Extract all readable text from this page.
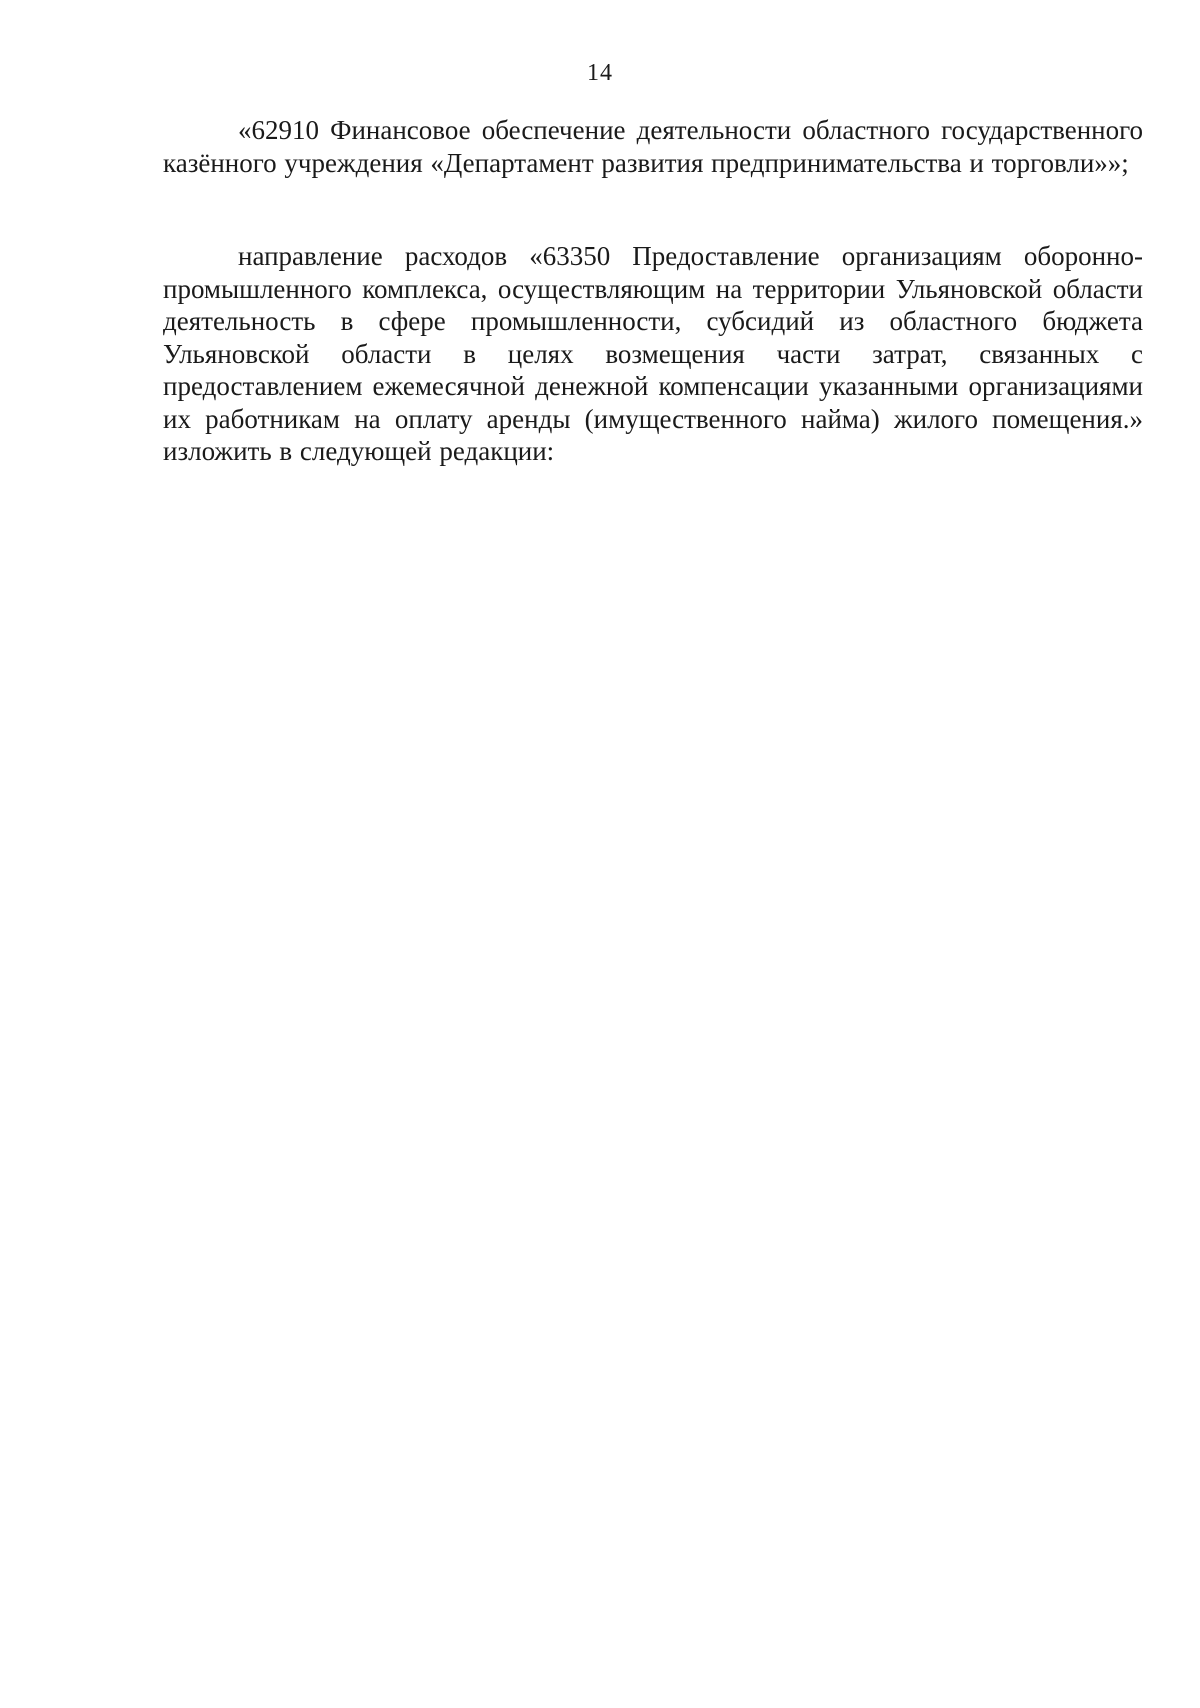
14

«62910 Финансовое обеспечение деятельности областного государственного казённого учреждения «Департамент развития предпринимательства и торговли»»;

направление расходов «63350 Предоставление организациям оборонно-промышленного комплекса, осуществляющим на территории Ульяновской области деятельность в сфере промышленности, субсидий из областного бюджета Ульяновской области в целях возмещения части затрат, связанных с предоставлением ежемесячной денежной компенсации указанными организациями их работникам на оплату аренды (имущественного найма) жилого помещения.» изложить в следующей редакции:
